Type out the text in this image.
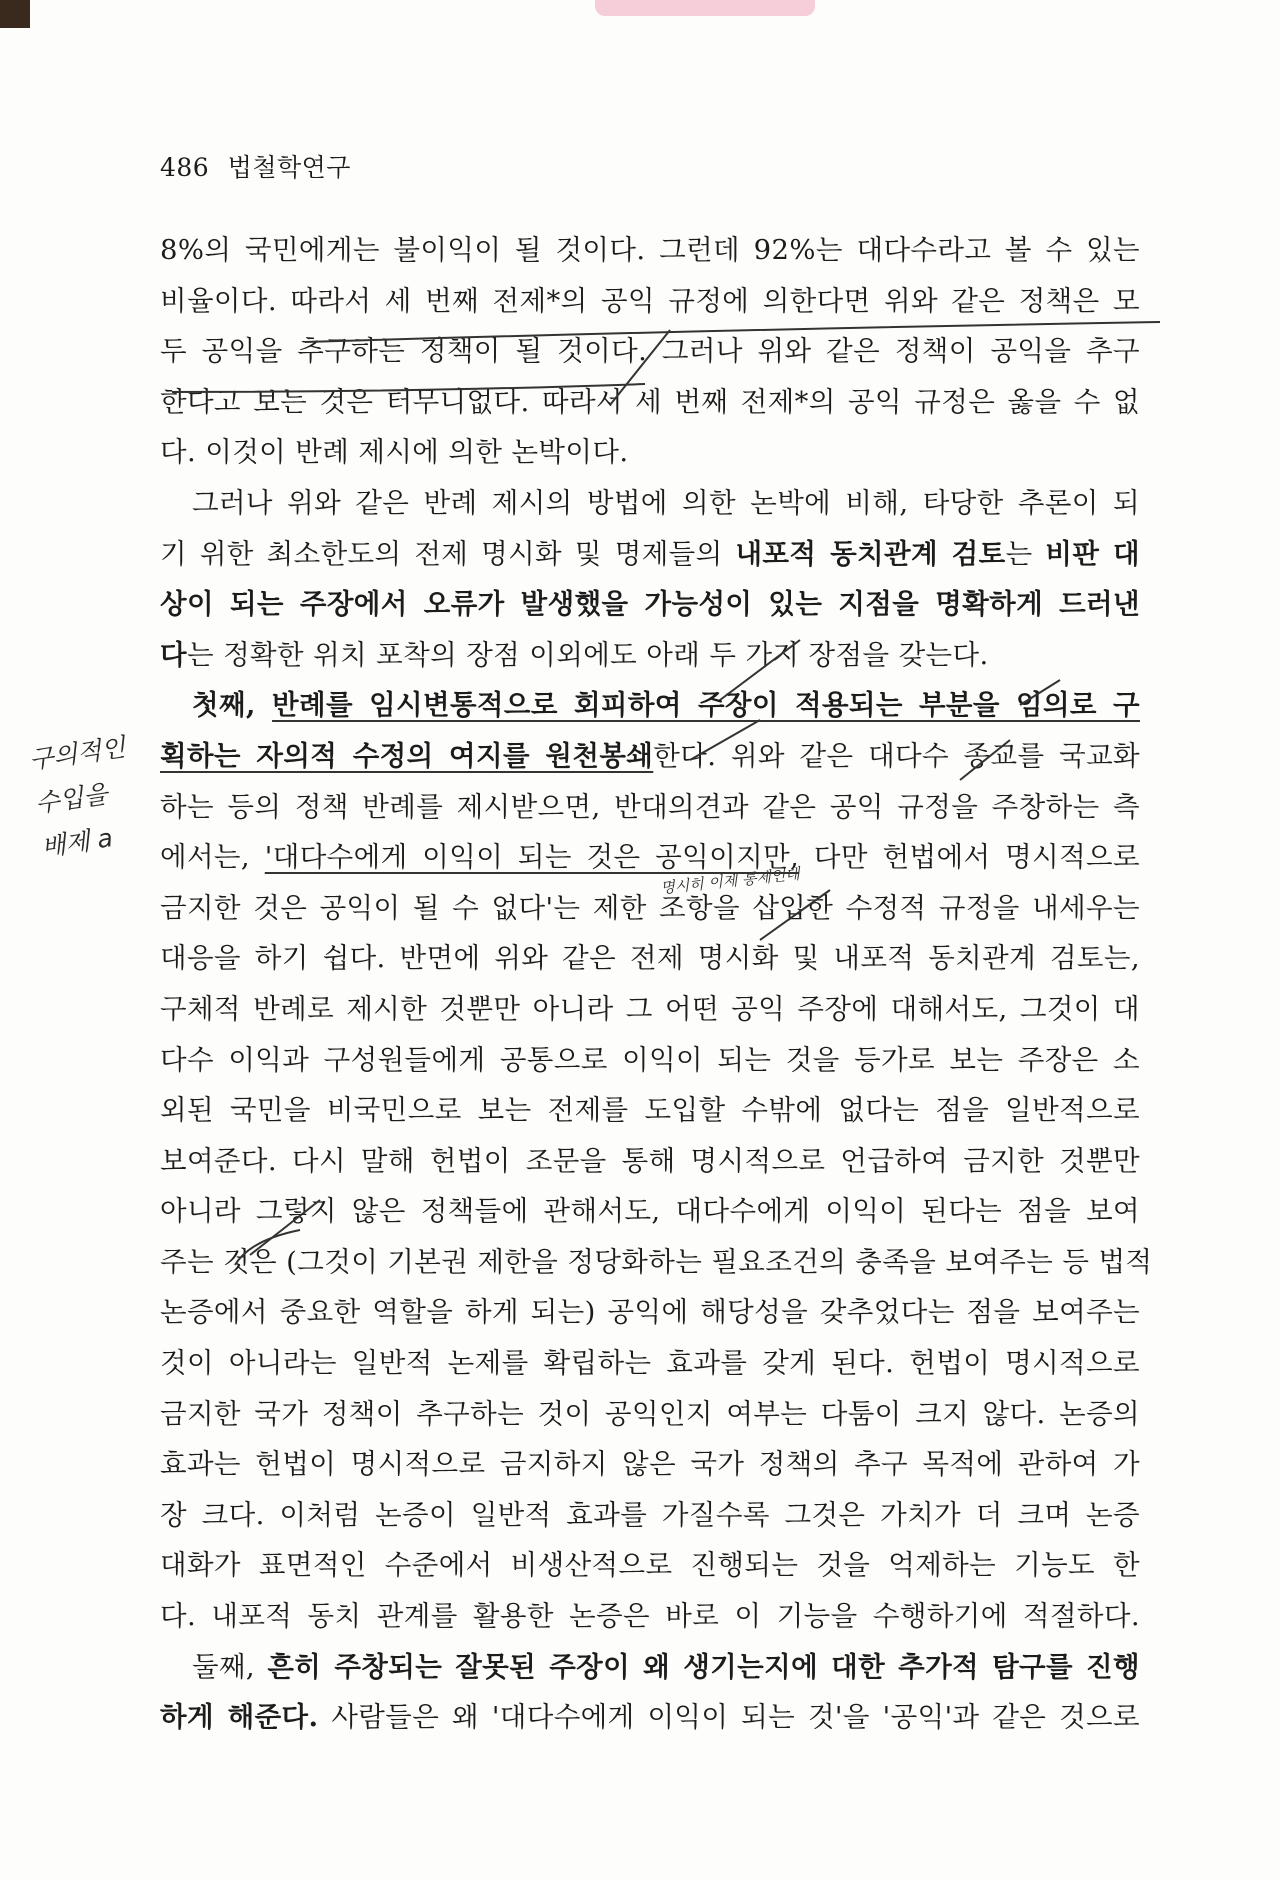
486 법철학연구
8%의 국민에게는 불이익이 될 것이다. 그런데 92%는 대다수라고 볼 수 있는
비율이다. 따라서 세 번째 전제*의 공익 규정에 의한다면 위와 같은 정책은 모
두 공익을 추구하는 정책이 될 것이다. 그러나 위와 같은 정책이 공익을 추구
한다고 보는 것은 터무니없다. 따라서 세 번째 전제*의 공익 규정은 옳을 수 없
다. 이것이 반례 제시에 의한 논박이다.
그러나 위와 같은 반례 제시의 방법에 의한 논박에 비해, 타당한 추론이 되
기 위한 최소한도의 전제 명시화 및 명제들의 내포적 동치관계 검토는 비판 대
상이 되는 주장에서 오류가 발생했을 가능성이 있는 지점을 명확하게 드러낸
다는 정확한 위치 포착의 장점 이외에도 아래 두 가지 장점을 갖는다.
첫째, 반례를 임시변통적으로 회피하여 주장이 적용되는 부분을 임의로 구
획하는 자의적 수정의 여지를 원천봉쇄한다. 위와 같은 대다수 종교를 국교화
하는 등의 정책 반례를 제시받으면, 반대의견과 같은 공익 규정을 주창하는 측
에서는, '대다수에게 이익이 되는 것은 공익이지만, 다만 헌법에서 명시적으로
금지한 것은 공익이 될 수 없다'는 제한 조항을 삽입한 수정적 규정을 내세우는
대응을 하기 쉽다. 반면에 위와 같은 전제 명시화 및 내포적 동치관계 검토는,
구체적 반례로 제시한 것뿐만 아니라 그 어떤 공익 주장에 대해서도, 그것이 대
다수 이익과 구성원들에게 공통으로 이익이 되는 것을 등가로 보는 주장은 소
외된 국민을 비국민으로 보는 전제를 도입할 수밖에 없다는 점을 일반적으로
보여준다. 다시 말해 헌법이 조문을 통해 명시적으로 언급하여 금지한 것뿐만
아니라 그렇지 않은 정책들에 관해서도, 대다수에게 이익이 된다는 점을 보여
주는 것은 (그것이 기본권 제한을 정당화하는 필요조건의 충족을 보여주는 등 법적
논증에서 중요한 역할을 하게 되는) 공익에 해당성을 갖추었다는 점을 보여주는
것이 아니라는 일반적 논제를 확립하는 효과를 갖게 된다. 헌법이 명시적으로
금지한 국가 정책이 추구하는 것이 공익인지 여부는 다툼이 크지 않다. 논증의
효과는 헌법이 명시적으로 금지하지 않은 국가 정책의 추구 목적에 관하여 가
장 크다. 이처럼 논증이 일반적 효과를 가질수록 그것은 가치가 더 크며 논증
대화가 표면적인 수준에서 비생산적으로 진행되는 것을 억제하는 기능도 한
다. 내포적 동치 관계를 활용한 논증은 바로 이 기능을 수행하기에 적절하다.
둘째, 흔히 주창되는 잘못된 주장이 왜 생기는지에 대한 추가적 탐구를 진행
하게 해준다. 사람들은 왜 '대다수에게 이익이 되는 것'을 '공익'과 같은 것으로
구의적인
수입을
배제 a
명시히 이제 통제인데
